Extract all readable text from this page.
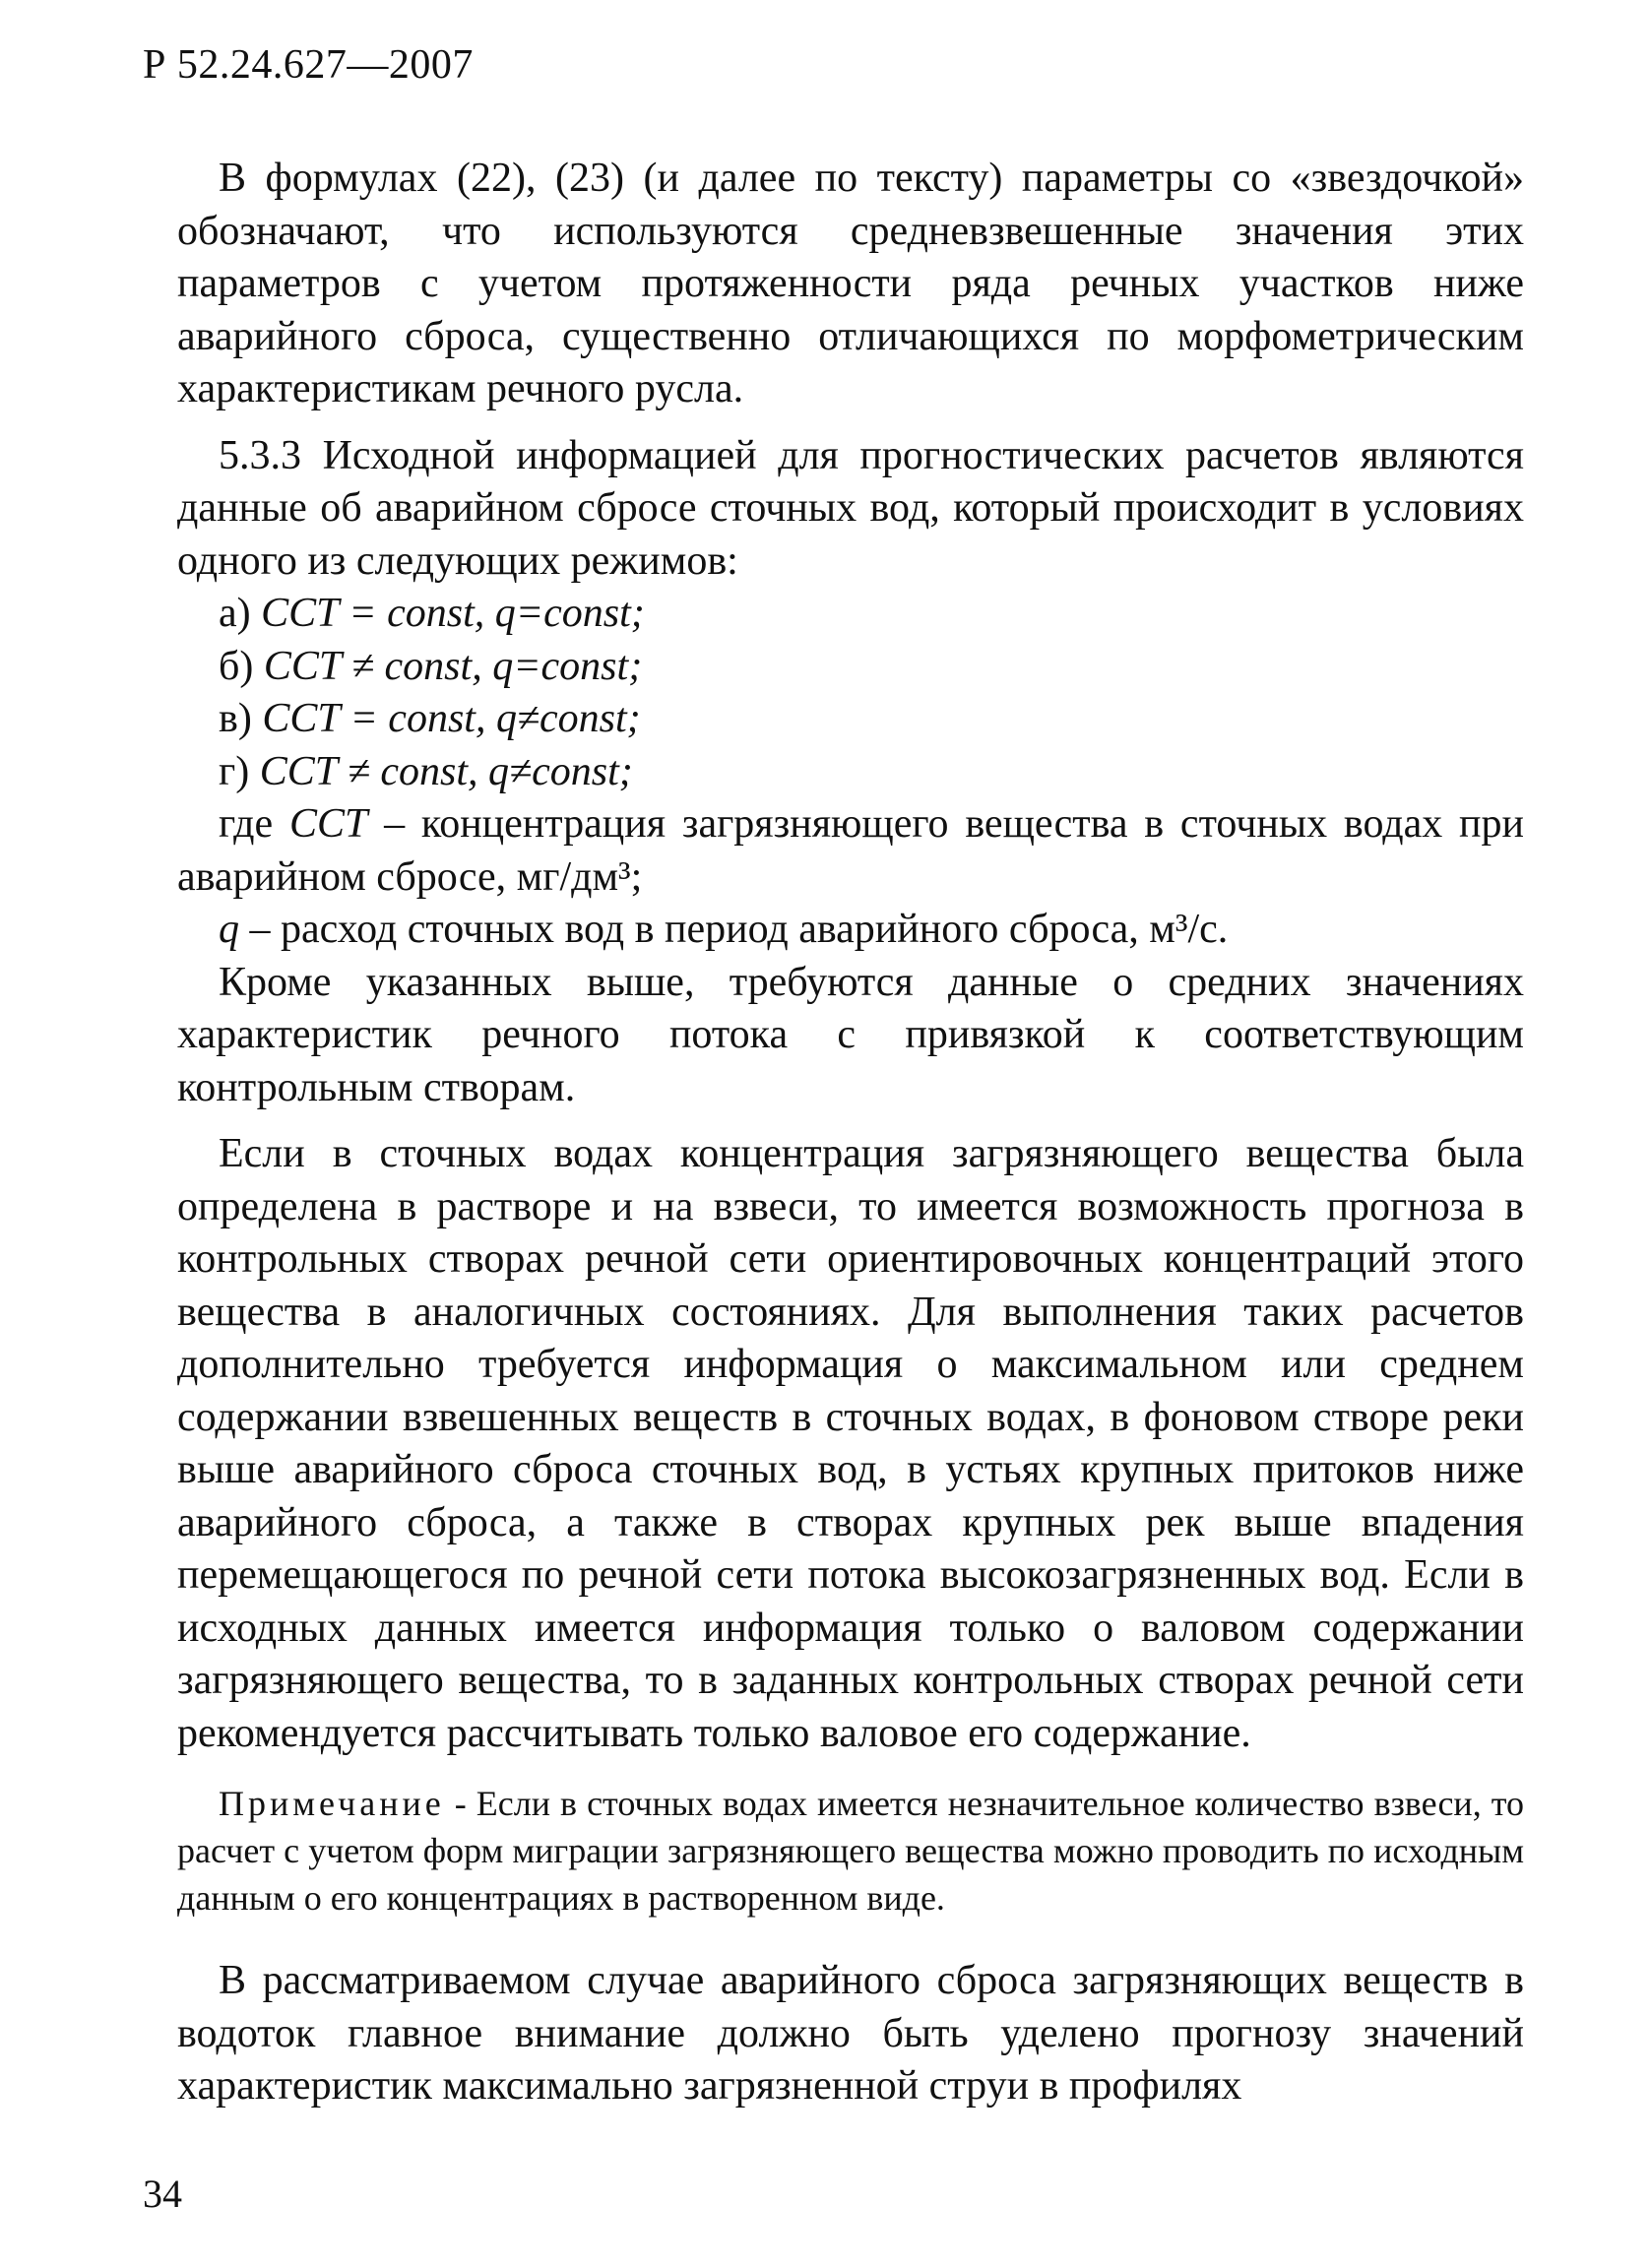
Р 52.24.627—2007

В формулах (22), (23) (и далее по тексту) параметры со «звездочкой» обозначают, что используются средневзвешенные значения этих параметров с учетом протяженности ряда речных участков ниже аварийного сброса, существенно отличающихся по морфометрическим характеристикам речного русла.

5.3.3 Исходной информацией для прогностических расчетов являются данные об аварийном сбросе сточных вод, который происходит в условиях одного из следующих режимов:

а) CCT = const, q=const;
б) CCT ≠ const, q=const;
в) CCT = const, q≠const;
г) CCT ≠ const, q≠const;

где CCT – концентрация загрязняющего вещества в сточных водах при аварийном сбросе, мг/дм³;

q – расход сточных вод в период аварийного сброса, м³/с.

Кроме указанных выше, требуются данные о средних значениях характеристик речного потока с привязкой к соответствующим контрольным створам.

Если в сточных водах концентрация загрязняющего вещества была определена в растворе и на взвеси, то имеется возможность прогноза в контрольных створах речной сети ориентировочных концентраций этого вещества в аналогичных состояниях. Для выполнения таких расчетов дополнительно требуется информация о максимальном или среднем содержании взвешенных веществ в сточных водах, в фоновом створе реки выше аварийного сброса сточных вод, в устьях крупных притоков ниже аварийного сброса, а также в створах крупных рек выше впадения перемещающегося по речной сети потока высокозагрязненных вод. Если в исходных данных имеется информация только о валовом содержании загрязняющего вещества, то в заданных контрольных створах речной сети рекомендуется рассчитывать только валовое его содержание.

Примечание - Если в сточных водах имеется незначительное количество взвеси, то расчет с учетом форм миграции загрязняющего вещества можно проводить по исходным данным о его концентрациях в растворенном виде.

В рассматриваемом случае аварийного сброса загрязняющих веществ в водоток главное внимание должно быть уделено прогнозу значений характеристик максимально загрязненной струи в профилях

34
